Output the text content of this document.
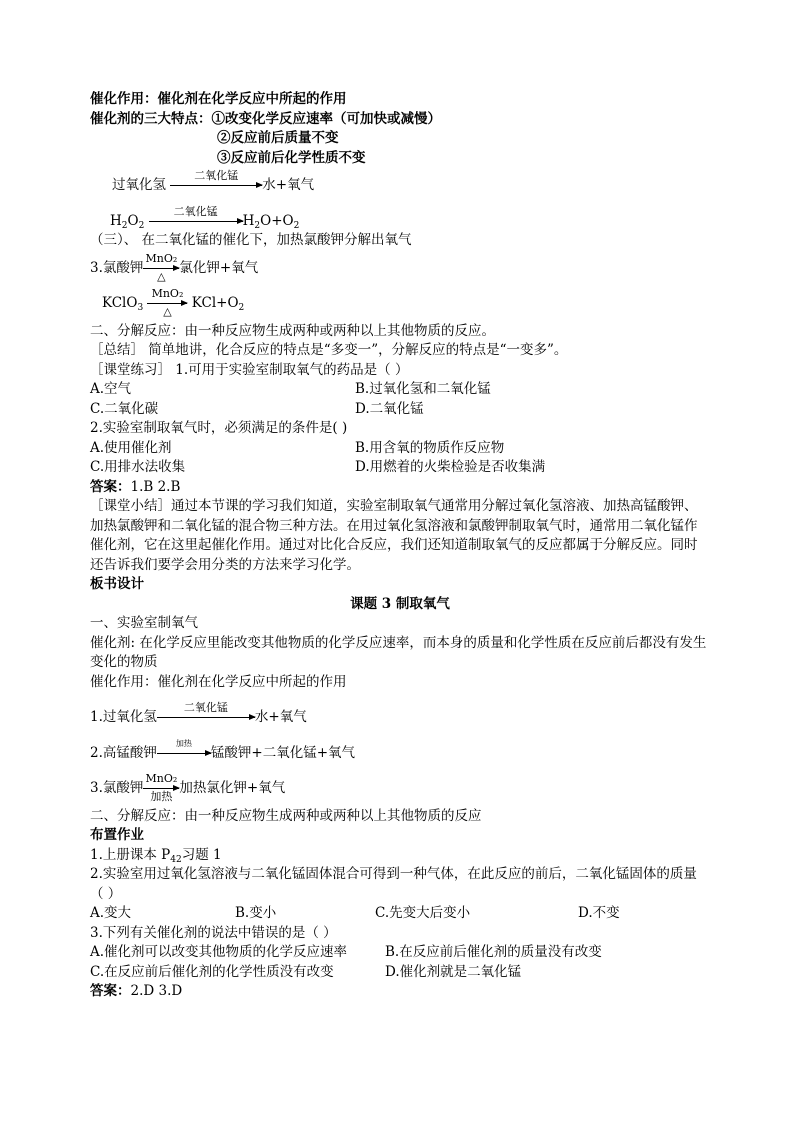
催化作用：催化剂在化学反应中所起的作用
催化剂的三大特点：①改变化学反应速率（可加快或减慢）
②反应前后质量不变
③反应前后化学性质不变
过氧化氢
二氧化锰
水+氧气
$H_2O_2$
二氧化锰
$H_2O+O_2$
（三）、 在二氧化锰的催化下，加热氯酸钾分解出氧气
3.氯酸钾
MnO₂
△
氯化钾+氧气
KClO$_3$
MnO₂
△
$KCl+O_2$
二、分解反应：由一种反应物生成两种或两种以上其他物质的反应。
［总结］ 简单地讲，化合反应的特点是“多变一”，分解反应的特点是“一变多”。
［课堂练习］ 1.可用于实验室制取氧气的药品是（ ）
A.空气	B.过氧化氢和二氧化锰
C.二氧化碳	D.二氧化锰
2.实验室制取氧气时，必须满足的条件是( )
A.使用催化剂	B.用含氧的物质作反应物
C.用排水法收集	D.用燃着的火柴检验是否收集满
答案：1.B 2.B
［课堂小结］通过本节课的学习我们知道，实验室制取氧气通常用分解过氧化氢溶液、加热高锰酸钾、加热氯酸钾和二氧化锰的混合物三种方法。在用过氧化氢溶液和氯酸钾制取氧气时，通常用二氧化锰作催化剂，它在这里起催化作用。通过对比化合反应，我们还知道制取氧气的反应都属于分解反应。同时还告诉我们要学会用分类的方法来学习化学。
板书设计
课题 3 制取氧气
一、实验室制氧气
催化剂: 在化学反应里能改变其他物质的化学反应速率，而本身的质量和化学性质在反应前后都没有发生变化的物质
催化作用：催化剂在化学反应中所起的作用
1.过氧化氢
二氧化锰
水+氧气
2.高锰酸钾
加热
锰酸钾+二氧化锰+氧气
3.氯酸钾
MnO₂
加热
加热氯化钾+氧气
二、分解反应：由一种反应物生成两种或两种以上其他物质的反应
布置作业
1.上册课本 $P_{42}$习题 1
2.实验室用过氧化氢溶液与二氧化锰固体混合可得到一种气体，在此反应的前后，二氧化锰固体的质量（ ）
A.变大	B.变小	C.先变大后变小	D.不变
3.下列有关催化剂的说法中错误的是（ ）
A.催化剂可以改变其他物质的化学反应速率	B.在反应前后催化剂的质量没有改变
C.在反应前后催化剂的化学性质没有改变	D.催化剂就是二氧化锰
答案：2.D 3.D
